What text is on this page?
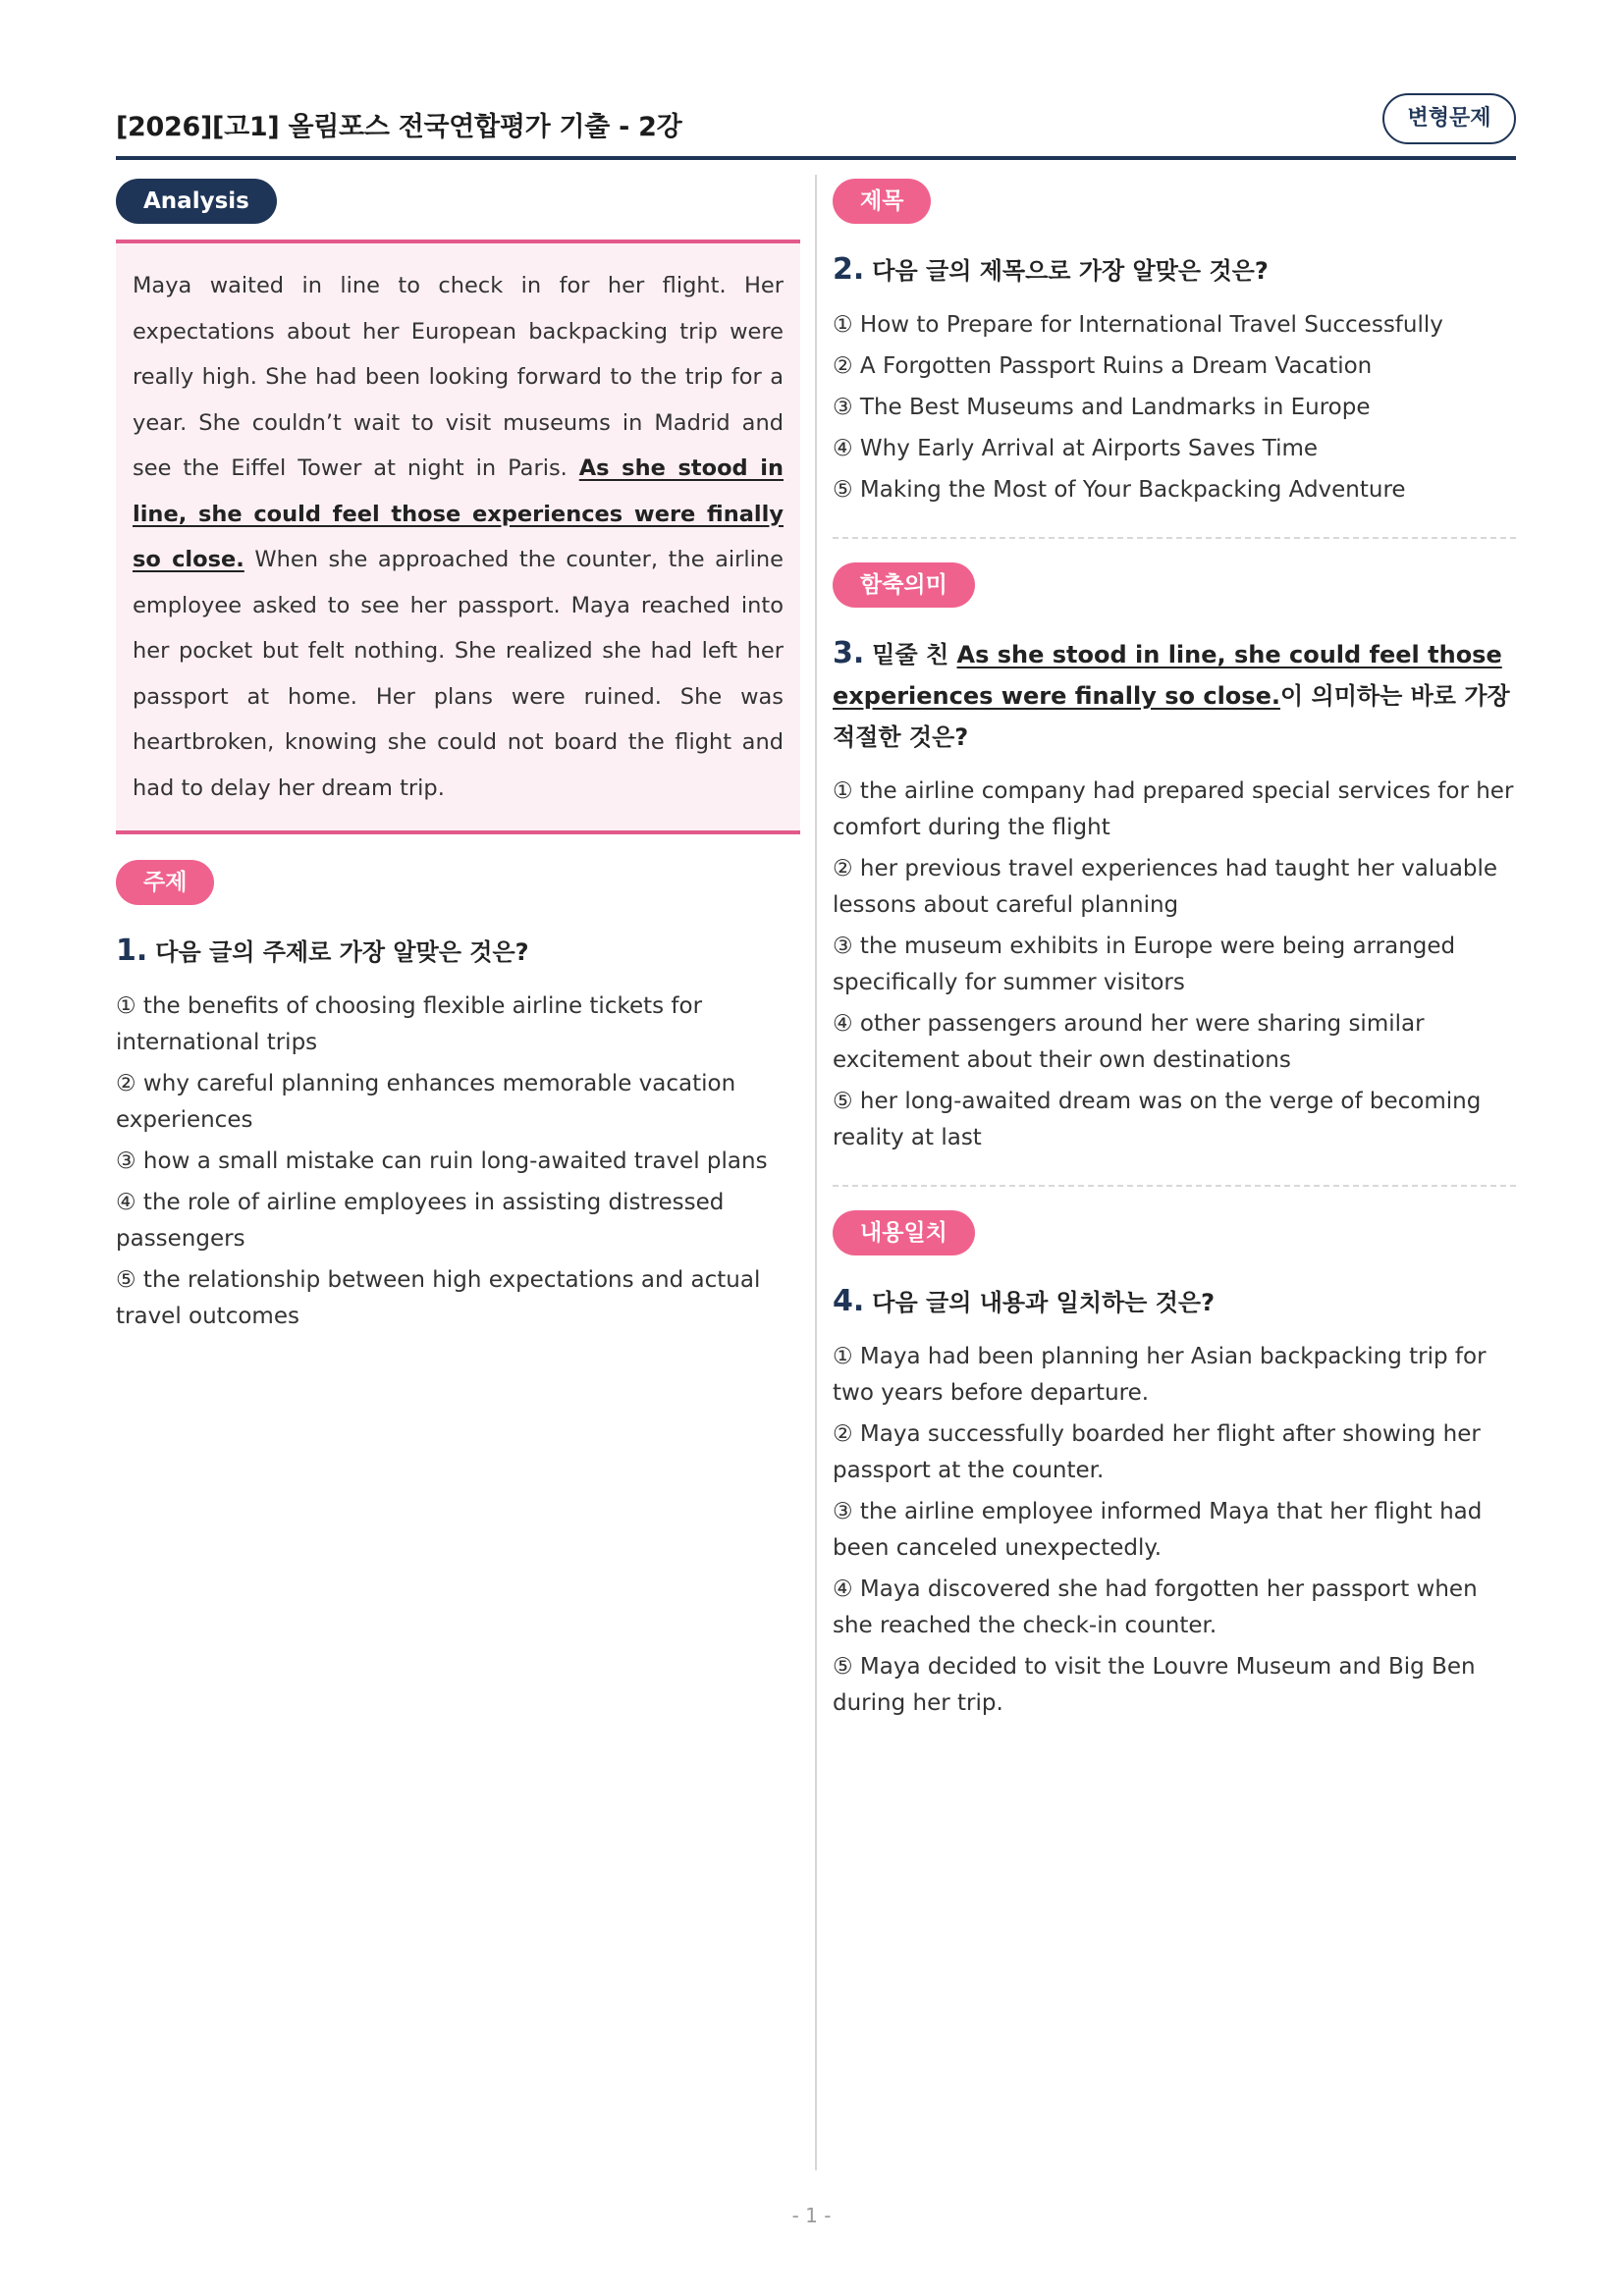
[2026][고1] 올림포스 전국연합평가 기출 - 2강	변형문제
Analysis

Maya waited in line to check in for her flight. Her expectations about her European backpacking trip were really high. She had been looking forward to the trip for a year. She couldn’t wait to visit museums in Madrid and see the Eiffel Tower at night in Paris. As she stood in line, she could feel those experiences were finally so close. When she approached the counter, the airline employee asked to see her passport. Maya reached into her pocket but felt nothing. She realized she had left her passport at home. Her plans were ruined. She was heartbroken, knowing she could not board the flight and had to delay her dream trip.

주제
1. 다음 글의 주제로 가장 알맞은 것은?
① the benefits of choosing flexible airline tickets for international trips
② why careful planning enhances memorable vacation experiences
③ how a small mistake can ruin long-awaited travel plans
④ the role of airline employees in assisting distressed passengers
⑤ the relationship between high expectations and actual travel outcomes
제목
2. 다음 글의 제목으로 가장 알맞은 것은?
① How to Prepare for International Travel Successfully
② A Forgotten Passport Ruins a Dream Vacation
③ The Best Museums and Landmarks in Europe
④ Why Early Arrival at Airports Saves Time
⑤ Making the Most of Your Backpacking Adventure
함축의미
3. 밑줄 친 As she stood in line, she could feel those experiences were finally so close.이 의미하는 바로 가장 적절한 것은?
① the airline company had prepared special services for her comfort during the flight
② her previous travel experiences had taught her valuable lessons about careful planning
③ the museum exhibits in Europe were being arranged specifically for summer visitors
④ other passengers around her were sharing similar excitement about their own destinations
⑤ her long-awaited dream was on the verge of becoming reality at last
내용일치
4. 다음 글의 내용과 일치하는 것은?
① Maya had been planning her Asian backpacking trip for two years before departure.
② Maya successfully boarded her flight after showing her passport at the counter.
③ the airline employee informed Maya that her flight had been canceled unexpectedly.
④ Maya discovered she had forgotten her passport when she reached the check-in counter.
⑤ Maya decided to visit the Louvre Museum and Big Ben during her trip.
- 1 -
